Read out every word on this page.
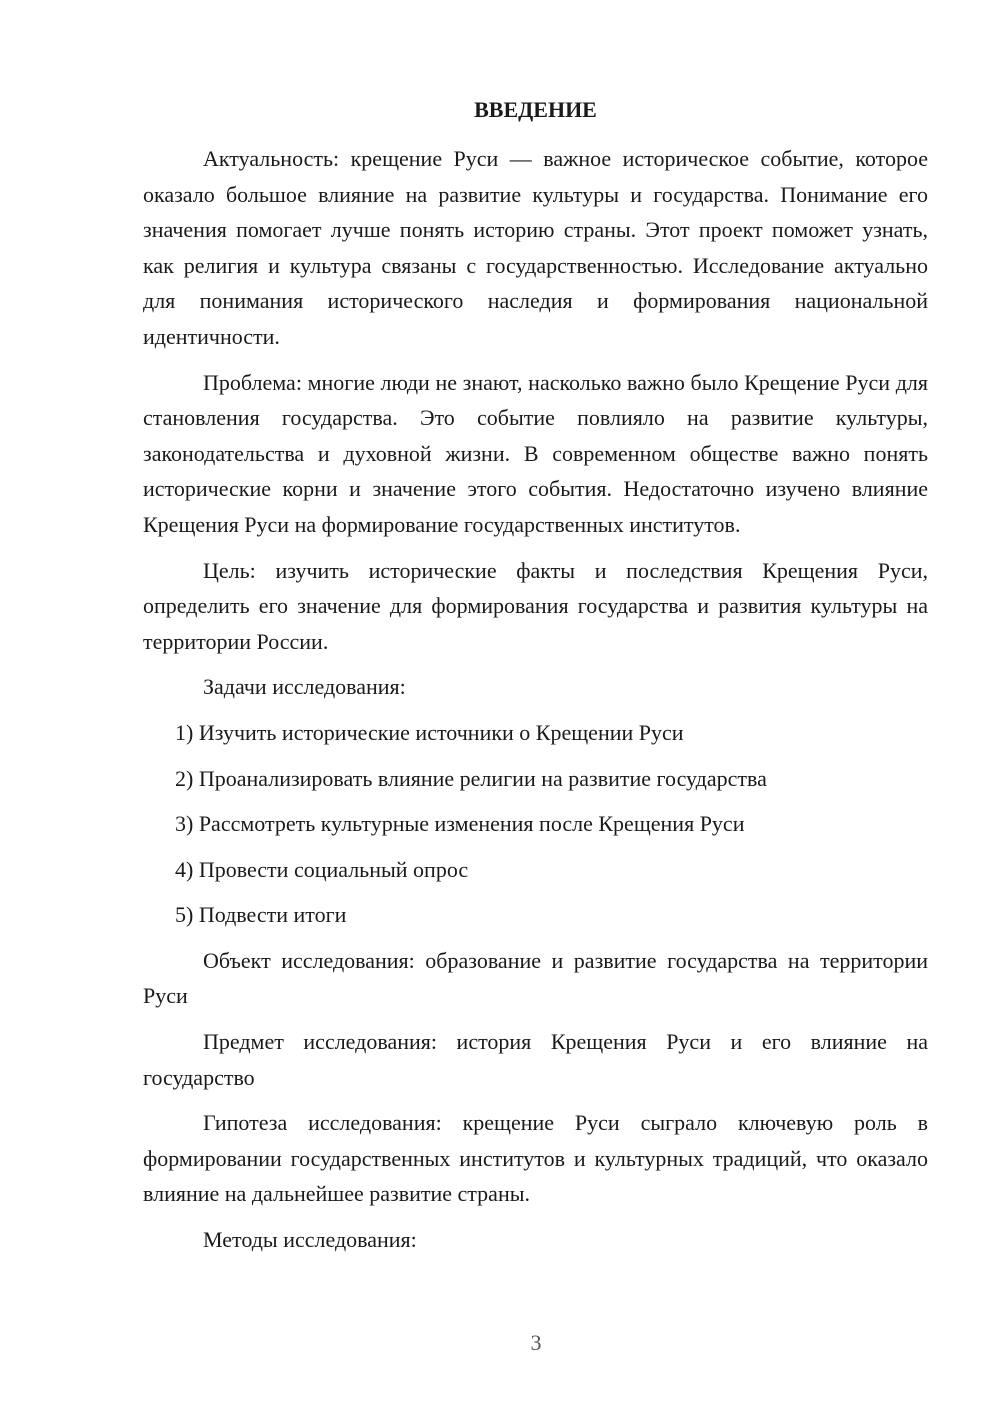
ВВЕДЕНИЕ

Актуальность: крещение Руси — важное историческое событие, которое оказало большое влияние на развитие культуры и государства. Понимание его значения помогает лучше понять историю страны. Этот проект поможет узнать, как религия и культура связаны с государственностью. Исследование актуально для понимания исторического наследия и формирования национальной идентичности.

Проблема: многие люди не знают, насколько важно было Крещение Руси для становления государства. Это событие повлияло на развитие культуры, законодательства и духовной жизни. В современном обществе важно понять исторические корни и значение этого события. Недостаточно изучено влияние Крещения Руси на формирование государственных институтов.

Цель: изучить исторические факты и последствия Крещения Руси, определить его значение для формирования государства и развития культуры на территории России.

Задачи исследования:

1) Изучить исторические источники о Крещении Руси
2) Проанализировать влияние религии на развитие государства
3) Рассмотреть культурные изменения после Крещения Руси
4) Провести социальный опрос
5) Подвести итоги

Объект исследования: образование и развитие государства на территории Руси

Предмет исследования: история Крещения Руси и его влияние на государство

Гипотеза исследования: крещение Руси сыграло ключевую роль в формировании государственных институтов и культурных традиций, что оказало влияние на дальнейшее развитие страны.

Методы исследования:

3
